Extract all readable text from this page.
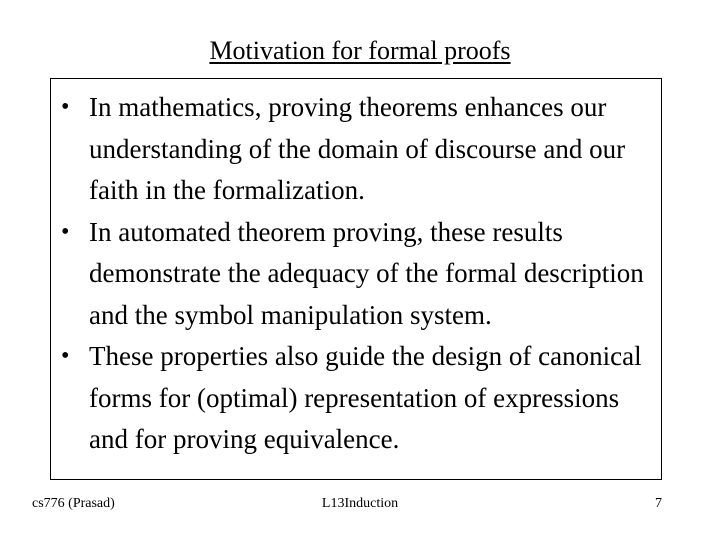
Motivation for formal proofs
• In mathematics, proving theorems enhances our understanding of the domain of discourse and our faith in the formalization.
• In automated theorem proving, these results demonstrate the adequacy of the formal description and the symbol manipulation system.
• These properties also guide the design of canonical forms for (optimal) representation of expressions and for proving equivalence.
cs776 (Prasad)	L13Induction	7
